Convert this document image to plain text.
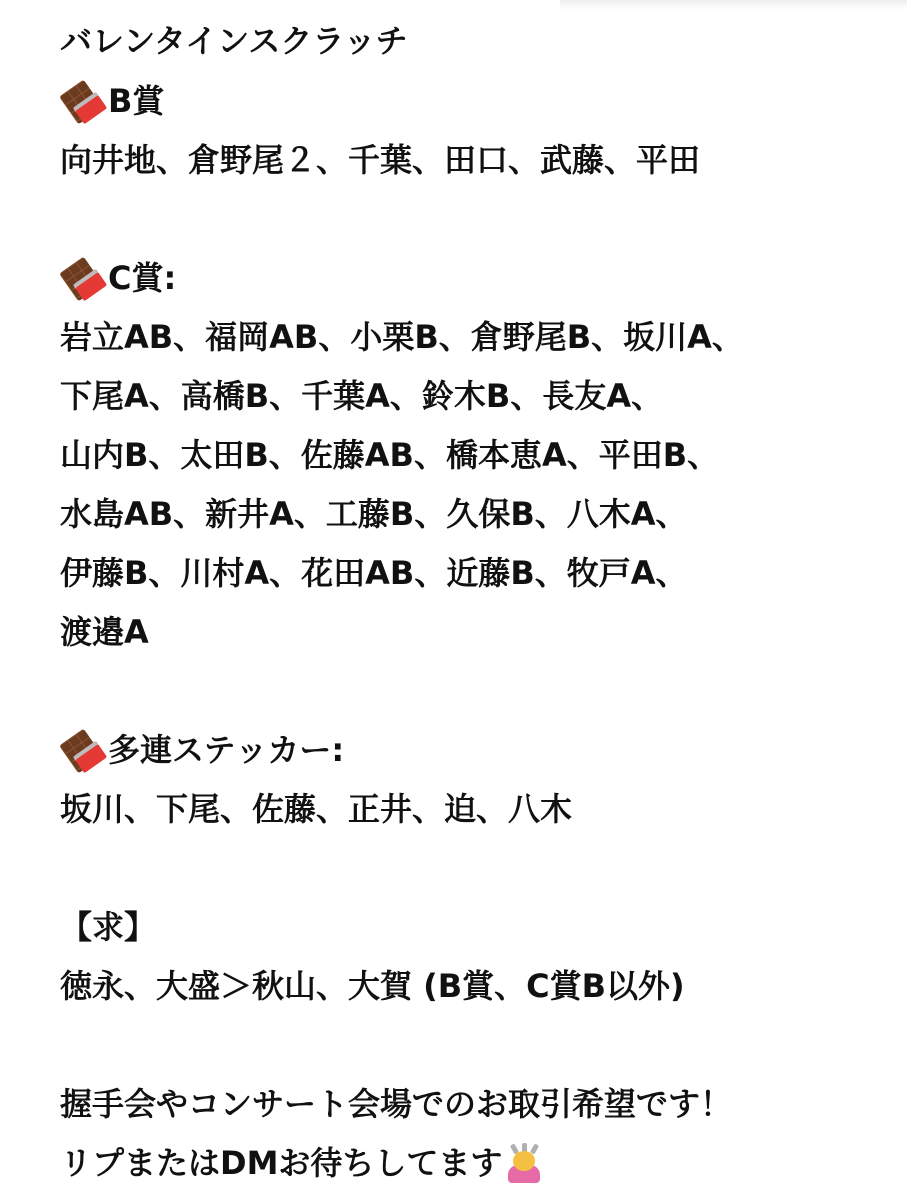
バレンタインスクラッチ
B賞
向井地、倉野尾２、千葉、田口、武藤、平田
C賞:
岩立AB、福岡AB、小栗B、倉野尾B、坂川A、
下尾A、高橋B、千葉A、鈴木B、長友A、
山内B、太田B、佐藤AB、橋本恵A、平田B、
水島AB、新井A、工藤B、久保B、八木A、
伊藤B、川村A、花田AB、近藤B、牧戸A、
渡邉A
多連ステッカー:
坂川、下尾、佐藤、正井、迫、八木
【求】
徳永、大盛＞秋山、大賀 (B賞、C賞B以外)
握手会やコンサート会場でのお取引希望です！
リプまたはDMお待ちしてます
